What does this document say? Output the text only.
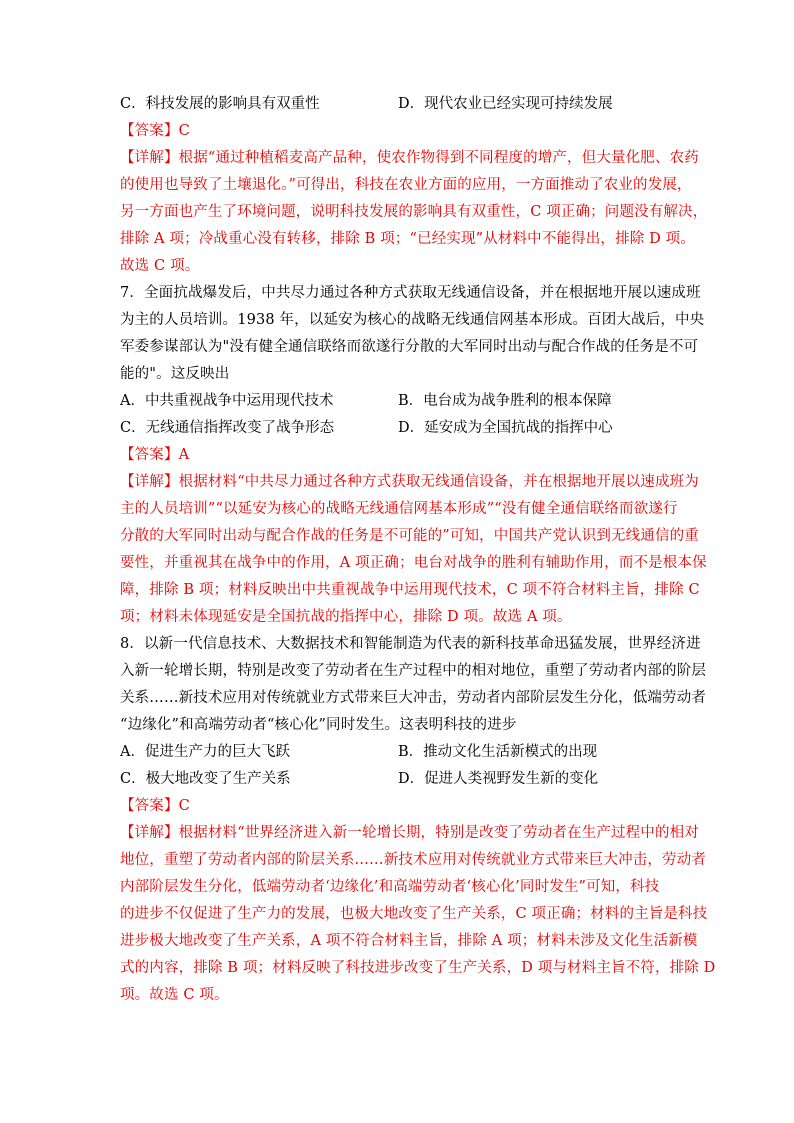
C．科技发展的影响具有双重性	D．现代农业已经实现可持续发展
【答案】C
【详解】根据“通过种植稻麦高产品种，使农作物得到不同程度的增产，但大量化肥、农药
的使用也导致了土壤退化。”可得出，科技在农业方面的应用，一方面推动了农业的发展，
另一方面也产生了环境问题，说明科技发展的影响具有双重性，C 项正确；问题没有解决，
排除 A 项；冷战重心没有转移，排除 B 项；“已经实现”从材料中不能得出，排除 D 项。
故选 C 项。
7．全面抗战爆发后，中共尽力通过各种方式获取无线通信设备，并在根据地开展以速成班
为主的人员培训。1938 年，以延安为核心的战略无线通信网基本形成。百团大战后，中央
军委参谋部认为"没有健全通信联络而欲遂行分散的大军同时出动与配合作战的任务是不可
能的"。这反映出
A．中共重视战争中运用现代技术	B．电台成为战争胜利的根本保障
C．无线通信指挥改变了战争形态	D．延安成为全国抗战的指挥中心
【答案】A
【详解】根据材料“中共尽力通过各种方式获取无线通信设备，并在根据地开展以速成班为
主的人员培训”“以延安为核心的战略无线通信网基本形成”“没有健全通信联络而欲遂行
分散的大军同时出动与配合作战的任务是不可能的”可知，中国共产党认识到无线通信的重
要性，并重视其在战争中的作用，A 项正确；电台对战争的胜利有辅助作用，而不是根本保
障，排除 B 项；材料反映出中共重视战争中运用现代技术，C 项不符合材料主旨，排除 C
项；材料未体现延安是全国抗战的指挥中心，排除 D 项。故选 A 项。
8．以新一代信息技术、大数据技术和智能制造为代表的新科技革命迅猛发展，世界经济进
入新一轮增长期，特别是改变了劳动者在生产过程中的相对地位，重塑了劳动者内部的阶层
关系……新技术应用对传统就业方式带来巨大冲击，劳动者内部阶层发生分化，低端劳动者
“边缘化”和高端劳动者“核心化”同时发生。这表明科技的进步
A．促进生产力的巨大飞跃	B．推动文化生活新模式的出现
C．极大地改变了生产关系	D．促进人类视野发生新的变化
【答案】C
【详解】根据材料“世界经济进入新一轮增长期，特别是改变了劳动者在生产过程中的相对
地位，重塑了劳动者内部的阶层关系……新技术应用对传统就业方式带来巨大冲击，劳动者
内部阶层发生分化，低端劳动者‘边缘化’和高端劳动者‘核心化’同时发生”可知，科技
的进步不仅促进了生产力的发展，也极大地改变了生产关系，C 项正确；材料的主旨是科技
进步极大地改变了生产关系，A 项不符合材料主旨，排除 A 项；材料未涉及文化生活新模
式的内容，排除 B 项；材料反映了科技进步改变了生产关系，D 项与材料主旨不符，排除 D
项。故选 C 项。
